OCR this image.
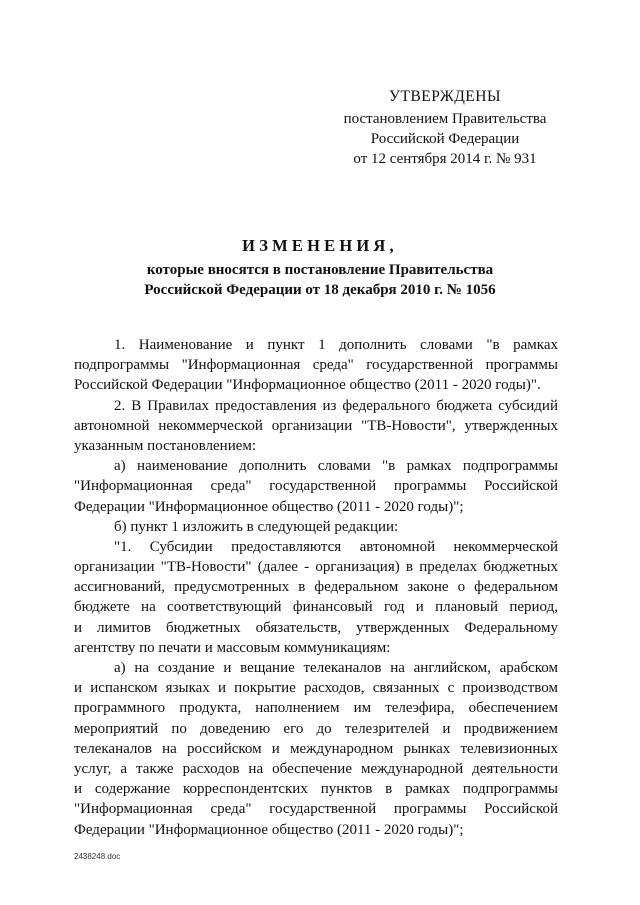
УТВЕРЖДЕНЫ
постановлением Правительства
Российской Федерации
от 12 сентября 2014 г. № 931
ИЗМЕНЕНИЯ,
которые вносятся в постановление Правительства
Российской Федерации от 18 декабря 2010 г. № 1056

1. Наименование и пункт 1 дополнить словами "в рамках
подпрограммы "Информационная среда" государственной программы
Российской Федерации "Информационное общество (2011 - 2020 годы)".

2. В Правилах предоставления из федерального бюджета субсидий
автономной некоммерческой организации "ТВ-Новости", утвержденных
указанным постановлением:

а) наименование дополнить словами "в рамках подпрограммы
"Информационная среда" государственной программы Российской
Федерации "Информационное общество (2011 - 2020 годы)";

б) пункт 1 изложить в следующей редакции:

"1. Субсидии предоставляются автономной некоммерческой
организации "ТВ-Новости" (далее - организация) в пределах бюджетных
ассигнований, предусмотренных в федеральном законе о федеральном
бюджете на соответствующий финансовый год и плановый период,
и лимитов бюджетных обязательств, утвержденных Федеральному
агентству по печати и массовым коммуникациям:

а) на создание и вещание телеканалов на английском, арабском
и испанском языках и покрытие расходов, связанных с производством
программного продукта, наполнением им телеэфира, обеспечением
мероприятий по доведению его до телезрителей и продвижением
телеканалов на российском и международном рынках телевизионных
услуг, а также расходов на обеспечение международной деятельности
и содержание корреспондентских пунктов в рамках подпрограммы
"Информационная среда" государственной программы Российской
Федерации "Информационное общество (2011 - 2020 годы)";

2438248.doc
